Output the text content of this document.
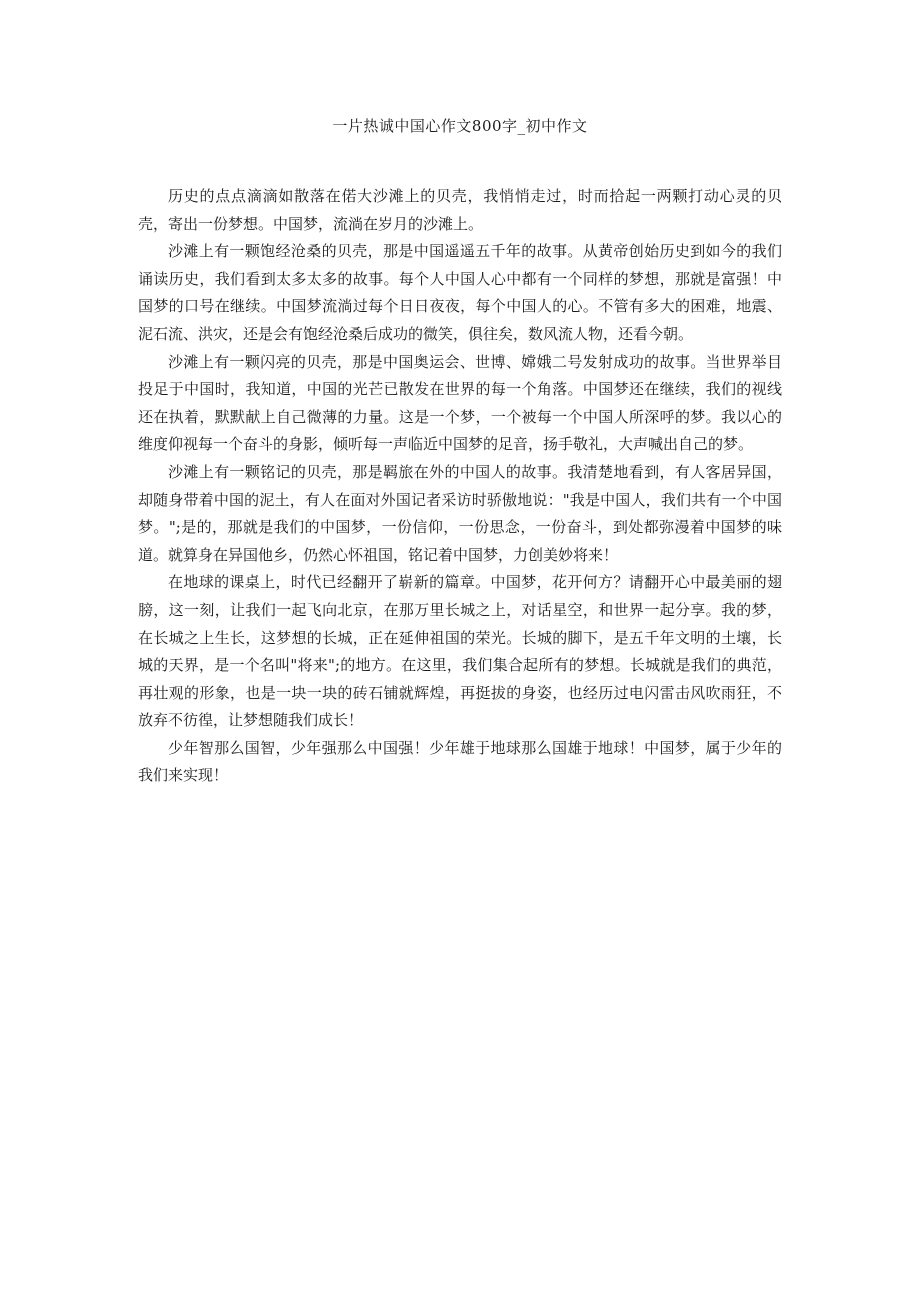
一片热诚中国心作文800字_初中作文

历史的点点滴滴如散落在偌大沙滩上的贝壳，我悄悄走过，时而拾起一两颗打动心灵的贝壳，寄出一份梦想。中国梦，流淌在岁月的沙滩上。

沙滩上有一颗饱经沧桑的贝壳，那是中国遥遥五千年的故事。从黄帝创始历史到如今的我们诵读历史，我们看到太多太多的故事。每个人中国人心中都有一个同样的梦想，那就是富强！中国梦的口号在继续。中国梦流淌过每个日日夜夜，每个中国人的心。不管有多大的困难，地震、泥石流、洪灾，还是会有饱经沧桑后成功的微笑，俱往矣，数风流人物，还看今朝。

沙滩上有一颗闪亮的贝壳，那是中国奥运会、世博、嫦娥二号发射成功的故事。当世界举目投足于中国时，我知道，中国的光芒已散发在世界的每一个角落。中国梦还在继续，我们的视线还在执着，默默献上自己微薄的力量。这是一个梦，一个被每一个中国人所深呼的梦。我以心的维度仰视每一个奋斗的身影，倾听每一声临近中国梦的足音，扬手敬礼，大声喊出自己的梦。

沙滩上有一颗铭记的贝壳，那是羁旅在外的中国人的故事。我清楚地看到，有人客居异国，却随身带着中国的泥土，有人在面对外国记者采访时骄傲地说："我是中国人，我们共有一个中国梦。";是的，那就是我们的中国梦，一份信仰，一份思念，一份奋斗，到处都弥漫着中国梦的味道。就算身在异国他乡，仍然心怀祖国，铭记着中国梦，力创美妙将来！

在地球的课桌上，时代已经翻开了崭新的篇章。中国梦，花开何方？请翻开心中最美丽的翅膀，这一刻，让我们一起飞向北京，在那万里长城之上，对话星空，和世界一起分享。我的梦，在长城之上生长，这梦想的长城，正在延伸祖国的荣光。长城的脚下，是五千年文明的土壤，长城的天界，是一个名叫"将来";的地方。在这里，我们集合起所有的梦想。长城就是我们的典范，再壮观的形象，也是一块一块的砖石铺就辉煌，再挺拔的身姿，也经历过电闪雷击风吹雨狂，不放弃不彷徨，让梦想随我们成长！

少年智那么国智，少年强那么中国强！少年雄于地球那么国雄于地球！中国梦，属于少年的我们来实现！
